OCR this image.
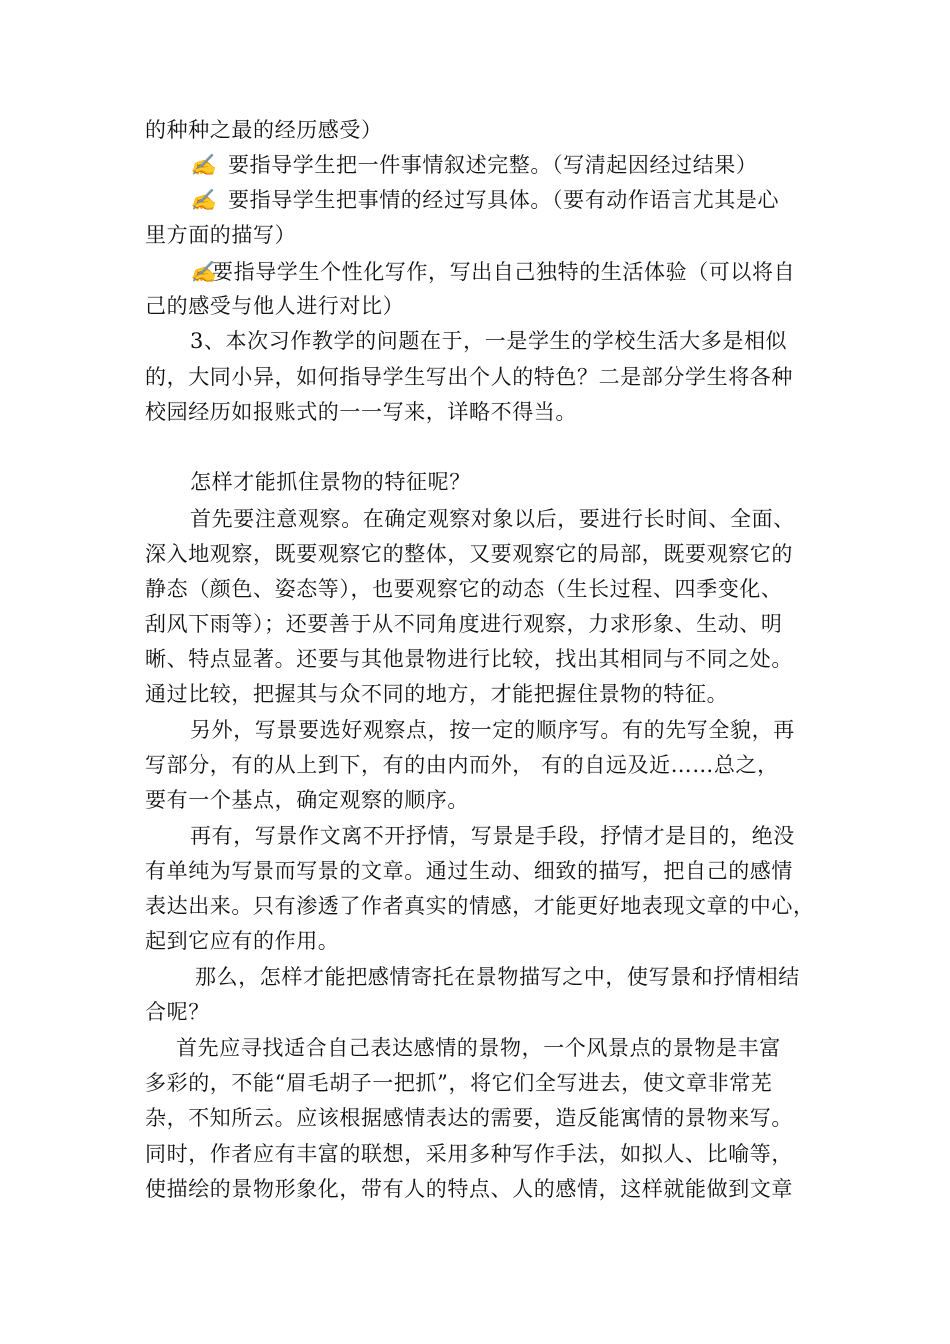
的种种之最的经历感受）
✍ 要指导学生把一件事情叙述完整。（写清起因经过结果）
✍ 要指导学生把事情的经过写具体。（要有动作语言尤其是心
里方面的描写）
✍要指导学生个性化写作，写出自己独特的生活体验（可以将自
己的感受与他人进行对比）
3、本次习作教学的问题在于，一是学生的学校生活大多是相似
的，大同小异，如何指导学生写出个人的特色？二是部分学生将各种
校园经历如报账式的一一写来，详略不得当。
怎样才能抓住景物的特征呢？
首先要注意观察。在确定观察对象以后，要进行长时间、全面、
深入地观察，既要观察它的整体，又要观察它的局部，既要观察它的
静态（颜色、姿态等），也要观察它的动态（生长过程、四季变化、
刮风下雨等）；还要善于从不同角度进行观察，力求形象、生动、明
晰、特点显著。还要与其他景物进行比较，找出其相同与不同之处。
通过比较，把握其与众不同的地方，才能把握住景物的特征。
另外，写景要选好观察点，按一定的顺序写。有的先写全貌，再
写部分，有的从上到下，有的由内而外， 有的自远及近……总之，
要有一个基点，确定观察的顺序。
再有，写景作文离不开抒情，写景是手段，抒情才是目的，绝没
有单纯为写景而写景的文章。通过生动、细致的描写，把自己的感情
表达出来。只有渗透了作者真实的情感，才能更好地表现文章的中心，
起到它应有的作用。
那么，怎样才能把感情寄托在景物描写之中，使写景和抒情相结
合呢？
首先应寻找适合自己表达感情的景物，一个风景点的景物是丰富
多彩的，不能“眉毛胡子一把抓”，将它们全写进去，使文章非常芜
杂，不知所云。应该根据感情表达的需要，造反能寓情的景物来写。
同时，作者应有丰富的联想，采用多种写作手法，如拟人、比喻等，
使描绘的景物形象化，带有人的特点、人的感情，这样就能做到文章
